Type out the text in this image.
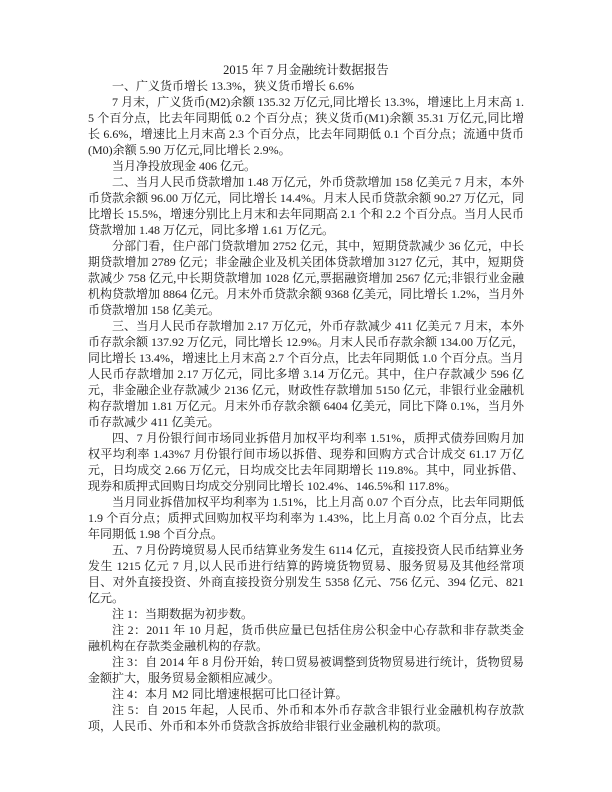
2015 年 7 月金融统计数据报告

一、广义货币增长 13.3%，狭义货币增长 6.6%

7 月末，广义货币(M2)余额 135.32 万亿元,同比增长 13.3%，增速比上月末高 1.5 个百分点，比去年同期低 0.2 个百分点；狭义货币(M1)余额 35.31 万亿元,同比增长 6.6%，增速比上月末高 2.3 个百分点，比去年同期低 0.1 个百分点；流通中货币(M0)余额 5.90 万亿元,同比增长 2.9%。

当月净投放现金 406 亿元。

二、当月人民币贷款增加 1.48 万亿元，外币贷款增加 158 亿美元 7 月末，本外币贷款余额 96.00 万亿元，同比增长 14.4%。月末人民币贷款余额 90.27 万亿元，同比增长 15.5%，增速分别比上月末和去年同期高 2.1 个和 2.2 个百分点。当月人民币贷款增加 1.48 万亿元，同比多增 1.61 万亿元。

分部门看，住户部门贷款增加 2752 亿元，其中，短期贷款减少 36 亿元，中长期贷款增加 2789 亿元；非金融企业及机关团体贷款增加 3127 亿元，其中，短期贷款减少 758 亿元,中长期贷款增加 1028 亿元,票据融资增加 2567 亿元;非银行业金融机构贷款增加 8864 亿元。月末外币贷款余额 9368 亿美元，同比增长 1.2%，当月外币贷款增加 158 亿美元。

三、当月人民币存款增加 2.17 万亿元，外币存款减少 411 亿美元 7 月末，本外币存款余额 137.92 万亿元，同比增长 12.9%。月末人民币存款余额 134.00 万亿元，同比增长 13.4%，增速比上月末高 2.7 个百分点，比去年同期低 1.0 个百分点。当月人民币存款增加 2.17 万亿元，同比多增 3.14 万亿元。其中，住户存款减少 596 亿元，非金融企业存款减少 2136 亿元，财政性存款增加 5150 亿元，非银行业金融机构存款增加 1.81 万亿元。月末外币存款余额 6404 亿美元，同比下降 0.1%，当月外币存款减少 411 亿美元。

四、7 月份银行间市场同业拆借月加权平均利率 1.51%，质押式债券回购月加权平均利率 1.43%7 月份银行间市场以拆借、现券和回购方式合计成交 61.17 万亿元，日均成交 2.66 万亿元，日均成交比去年同期增长 119.8%。其中，同业拆借、现券和质押式回购日均成交分别同比增长 102.4%、146.5%和 117.8%。

当月同业拆借加权平均利率为 1.51%，比上月高 0.07 个百分点，比去年同期低 1.9 个百分点；质押式回购加权平均利率为 1.43%，比上月高 0.02 个百分点，比去年同期低 1.98 个百分点。

五、7 月份跨境贸易人民币结算业务发生 6114 亿元，直接投资人民币结算业务发生 1215 亿元 7 月,以人民币进行结算的跨境货物贸易、服务贸易及其他经常项目、对外直接投资、外商直接投资分别发生 5358 亿元、756 亿元、394 亿元、821 亿元。

注 1：当期数据为初步数。

注 2：2011 年 10 月起，货币供应量已包括住房公积金中心存款和非存款类金融机构在存款类金融机构的存款。

注 3：自 2014 年 8 月份开始，转口贸易被调整到货物贸易进行统计，货物贸易金额扩大，服务贸易金额相应减少。

注 4：本月 M2 同比增速根据可比口径计算。

注 5：自 2015 年起，人民币、外币和本外币存款含非银行业金融机构存放款项，人民币、外币和本外币贷款含拆放给非银行业金融机构的款项。
